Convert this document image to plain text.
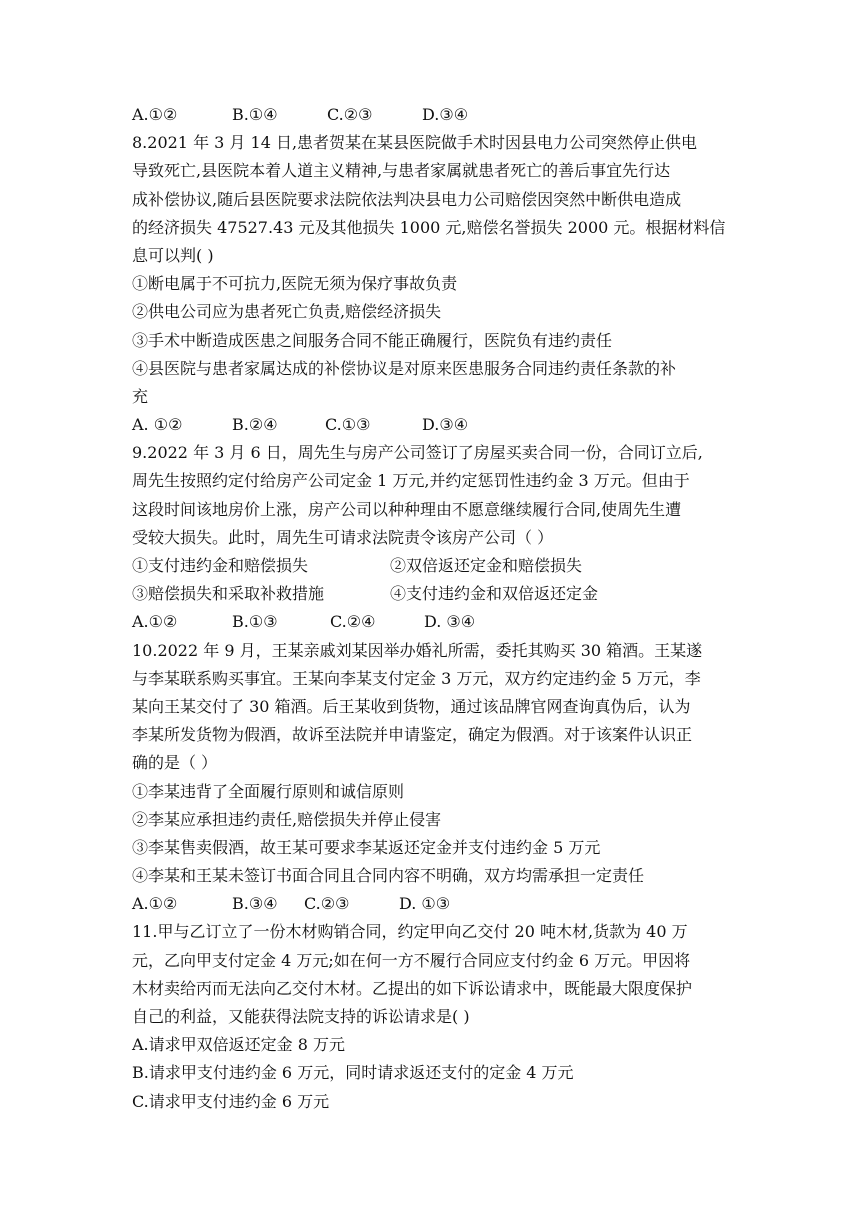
A.①②	B.①④	C.②③	D.③④
8.2021 年 3 月 14 日,患者贺某在某县医院做手术时因县电力公司突然停止供电
导致死亡,县医院本着人道主义精神,与患者家属就患者死亡的善后事宜先行达
成补偿协议,随后县医院要求法院依法判决县电力公司赔偿因突然中断供电造成
的经济损失 47527.43 元及其他损失 1000 元,赔偿名誉损失 2000 元。根据材料信
息可以判( )
①断电属于不可抗力,医院无须为保疗事故负责
②供电公司应为患者死亡负责,赔偿经济损失
③手术中断造成医患之间服务合同不能正确履行，医院负有违约责任
④县医院与患者家属达成的补偿协议是对原来医患服务合同违约责任条款的补
充
A. ①②	B.②④	C.①③	D.③④
9.2022 年 3 月 6 日，周先生与房产公司签订了房屋买卖合同一份，合同订立后,
周先生按照约定付给房产公司定金 1 万元,并约定惩罚性违约金 3 万元。但由于
这段时间该地房价上涨，房产公司以种种理由不愿意继续履行合同,使周先生遭
受较大损失。此时，周先生可请求法院责令该房产公司（ ）
①支付违约金和赔偿损失	②双倍返还定金和赔偿损失
③赔偿损失和采取补救措施	④支付违约金和双倍返还定金
A.①②	B.①③	C.②④	D. ③④
10.2022 年 9 月，王某亲戚刘某因举办婚礼所需，委托其购买 30 箱酒。王某遂
与李某联系购买事宜。王某向李某支付定金 3 万元，双方约定违约金 5 万元，李
某向王某交付了 30 箱酒。后王某收到货物，通过该品牌官网查询真伪后，认为
李某所发货物为假酒，故诉至法院并申请鉴定，确定为假酒。对于该案件认识正
确的是（ ）
①李某违背了全面履行原则和诚信原则
②李某应承担违约责任,赔偿损失并停止侵害
③李某售卖假酒，故王某可要求李某返还定金并支付违约金 5 万元
④李某和王某未签订书面合同且合同内容不明确，双方均需承担一定责任
A.①②	B.③④	C.②③	D. ①③
11.甲与乙订立了一份木材购销合同，约定甲向乙交付 20 吨木材,货款为 40 万
元，乙向甲支付定金 4 万元;如在何一方不履行合同应支付约金 6 万元。甲因将
木材卖给丙而无法向乙交付木材。乙提出的如下诉讼请求中，既能最大限度保护
自己的利益，又能获得法院支持的诉讼请求是( )
A.请求甲双倍返还定金 8 万元
B.请求甲支付违约金 6 万元，同时请求返还支付的定金 4 万元
C.请求甲支付违约金 6 万元
